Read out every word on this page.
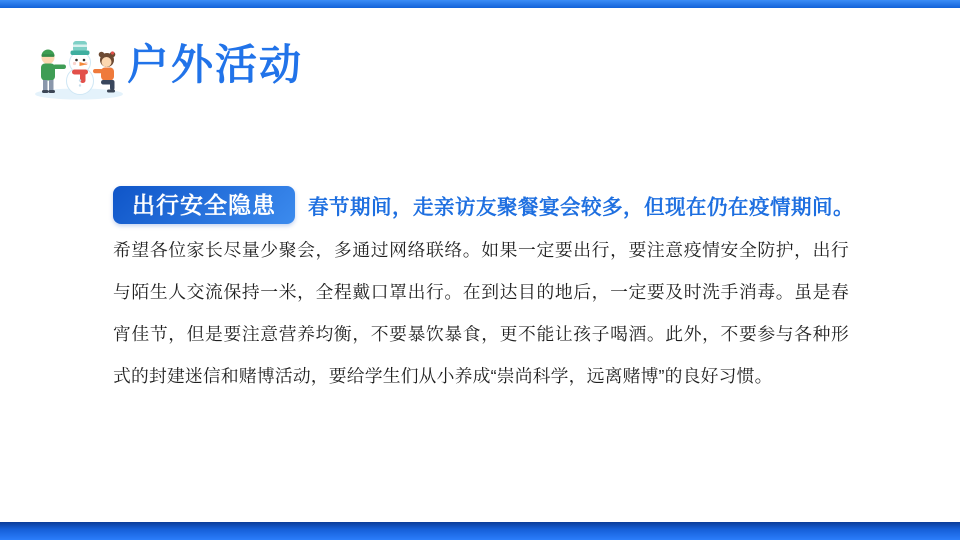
户外活动
出行安全隐患	春节期间，走亲访友聚餐宴会较多，但现在仍在疫情期间。
希望各位家长尽量少聚会，多通过网络联络。如果一定要出行，要注意疫情安全防护，出行
与陌生人交流保持一米，全程戴口罩出行。在到达目的地后，一定要及时洗手消毒。虽是春
宵佳节，但是要注意营养均衡，不要暴饮暴食，更不能让孩子喝酒。此外，不要参与各种形
式的封建迷信和赌博活动，要给学生们从小养成“崇尚科学，远离赌博”的良好习惯。
